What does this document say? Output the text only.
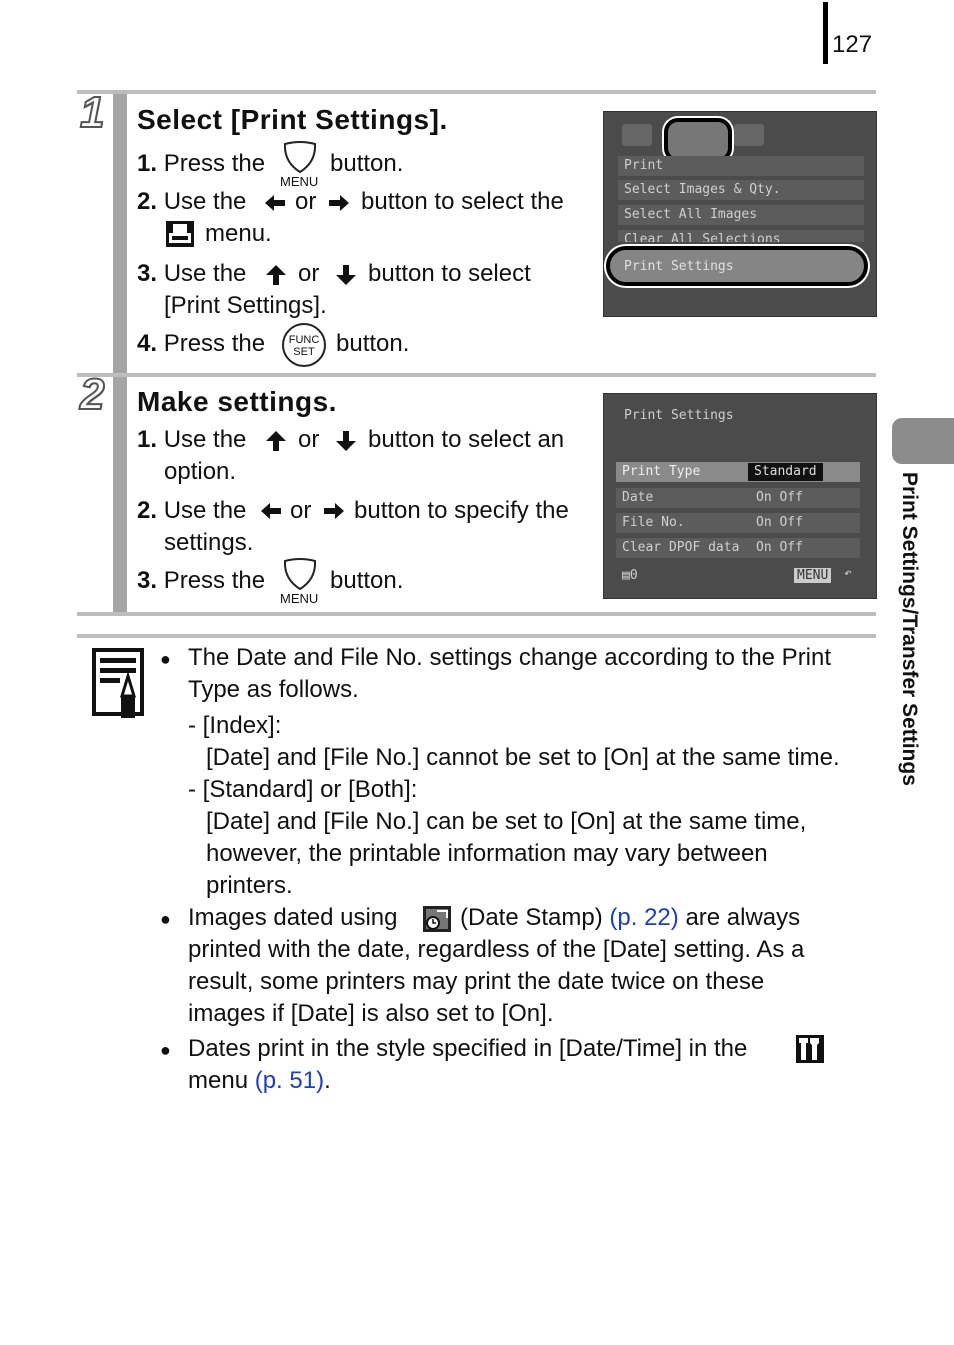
127
1 Select [Print Settings].
1. Press the
MENU
button.
2. Use the or button to select the
menu.
3. Use the or button to select
[Print Settings].
4. Press the	FUNC SET button.
Print
Select Images & Qty.
Select All Images
Clear All Selections
Print Settings
2 Make settings.
1. Use the or button to select an
option.
2. Use the or button to specify the
settings.
3. Press the
MENU
button.
Print Settings
Print Type	Standard
Date	On Off
File No.	On Off
Clear DPOF data On Off
▤0	MENU ↶
● The Date and File No. settings change according to the Print
Type as follows.
- [Index]:
[Date] and [File No.] cannot be set to [On] at the same time.
- [Standard] or [Both]:
[Date] and [File No.] can be set to [On] at the same time,
however, the printable information may vary between
printers.
● Images dated using	(Date Stamp) (p. 22) are always
printed with the date, regardless of the [Date] setting. As a
result, some printers may print the date twice on these
images if [Date] is also set to [On].
● Dates print in the style specified in [Date/Time] in the
menu (p. 51).
Print Settings/Transfer Settings
